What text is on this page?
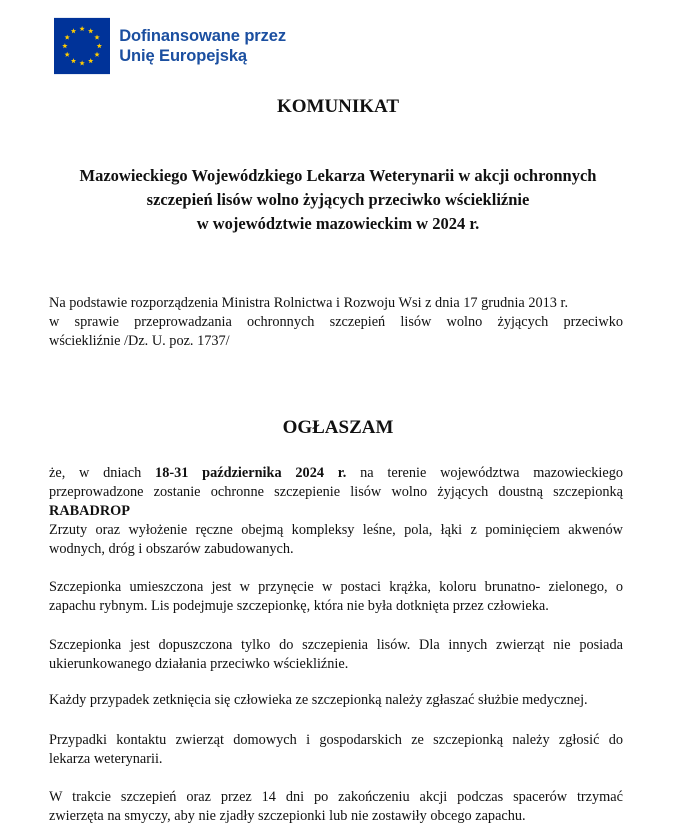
Dofinansowane przez
Unię Europejską
KOMUNIKAT
Mazowieckiego Wojewódzkiego Lekarza Weterynarii w akcji ochronnych
szczepień lisów wolno żyjących przeciwko wściekliźnie
w województwie mazowieckim w 2024 r.
Na podstawie rozporządzenia Ministra Rolnictwa i Rozwoju Wsi z dnia 17 grudnia 2013 r.
w sprawie przeprowadzania ochronnych szczepień lisów wolno żyjących przeciwko
wściekliźnie /Dz. U. poz. 1737/
OGŁASZAM
że, w dniach 18-31 października 2024 r. na terenie województwa mazowieckiego
przeprowadzone zostanie ochronne szczepienie lisów wolno żyjących doustną szczepionką
RABADROP
Zrzuty oraz wyłożenie ręczne obejmą kompleksy leśne, pola, łąki z pominięciem akwenów
wodnych, dróg i obszarów zabudowanych.
Szczepionka umieszczona jest w przynęcie w postaci krążka, koloru brunatno- zielonego, o
zapachu rybnym. Lis podejmuje szczepionkę, która nie była dotknięta przez człowieka.
Szczepionka jest dopuszczona tylko do szczepienia lisów. Dla innych zwierząt nie posiada
ukierunkowanego działania przeciwko wściekliźnie.
Każdy przypadek zetknięcia się człowieka ze szczepionką należy zgłaszać służbie medycznej.
Przypadki kontaktu zwierząt domowych i gospodarskich ze szczepionką należy zgłosić do
lekarza weterynarii.
W trakcie szczepień oraz przez 14 dni po zakończeniu akcji podczas spacerów trzymać
zwierzęta na smyczy, aby nie zjadły szczepionki lub nie zostawiły obcego zapachu.
